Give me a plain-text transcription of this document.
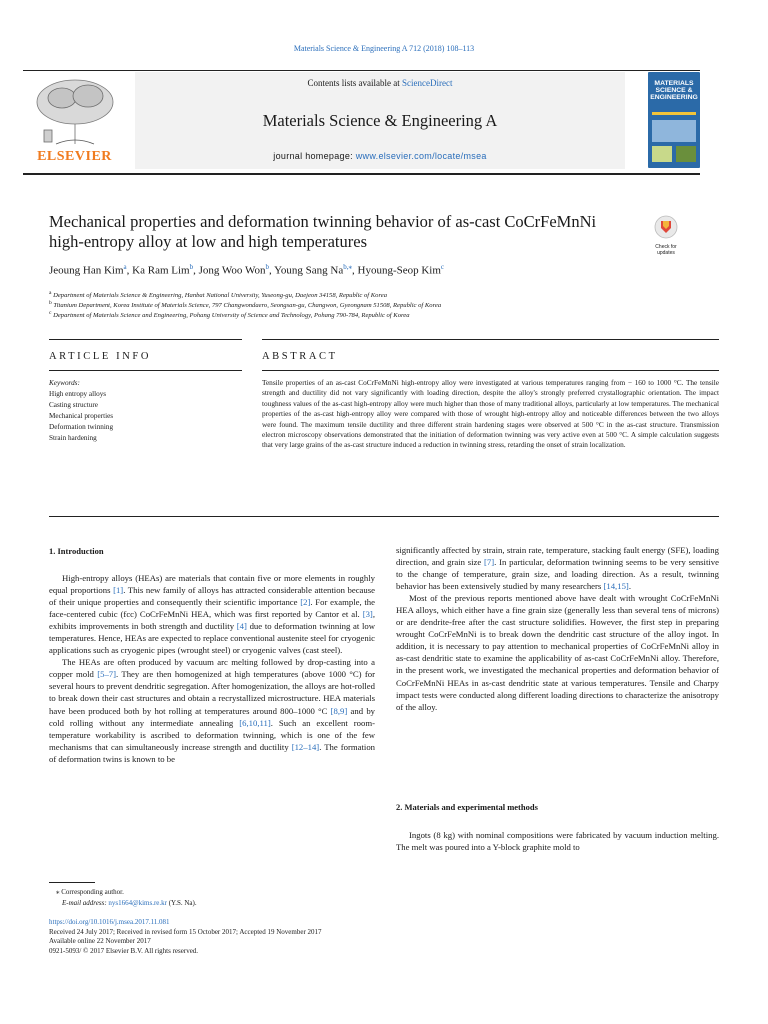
Materials Science & Engineering A 712 (2018) 108–113
ELSEVIER
Contents lists available at ScienceDirect
Materials Science & Engineering A
journal homepage: www.elsevier.com/locate/msea
MATERIALS SCIENCE & ENGINEERING
Mechanical properties and deformation twinning behavior of as-cast CoCrFeMnNi high-entropy alloy at low and high temperatures	Check for updates
Jeoung Han Kim$^a$, Ka Ram Lim$^b$, Jong Woo Won$^b$, Young Sang $Na^{b,⁎}$, Hyoung-Seop Kim$^c$
$^a$ Department of Materials Science & Engineering, Hanbat National University, Yuseong-gu, Daejeon 34158, Republic of Korea
$^b$ Titanium Department, Korea Institute of Materials Science, 797 Changwondaero, Seongsan-gu, Changwon, Gyeongnam 51508, Republic of Korea
$^c$ Department of Materials Science and Engineering, Pohang University of Science and Technology, Pohang 790-784, Republic of Korea
ARTICLE INFO	ABSTRACT
Keywords:
High entropy alloys
Casting structure
Mechanical properties
Deformation twinning
Strain hardening
Tensile properties of an as-cast CoCrFeMnNi high-entropy alloy were investigated at various temperatures ranging from − 160 to 1000 °C. The tensile strength and ductility did not vary significantly with loading direction, despite the alloy's strongly preferred crystallographic orientation. The impact toughness values of the as-cast high-entropy alloy were much higher than those of many traditional alloys, particularly at low temperatures. The mechanical properties of the as-cast high-entropy alloy were compared with those of wrought high-entropy alloy and noticeable differences between the two alloys were found. The maximum tensile ductility and three different strain hardening stages were observed at 500 °C in the as-cast structure. Transmission electron microscopy observations demonstrated that the initiation of deformation twinning was very active even at 500 °C. A simple calculation suggests that very large grains of the as-cast structure induced a reduction in twinning stress, retarding the onset of strain localization.
1. Introduction

High-entropy alloys (HEAs) are materials that contain five or more elements in roughly equal proportions [1]. This new family of alloys has attracted considerable attention because of their unique properties and consequently their scientific importance [2]. For example, the face-centered cubic (fcc) CoCrFeMnNi HEA, which was first reported by Cantor et al. [3], exhibits improvements in both strength and ductility [4] due to deformation twinning at low temperatures. Hence, HEAs are expected to replace conventional austenite steel for cryogenic applications such as cryogenic pipes (wrought steel) or cryogenic valves (cast steel).

The HEAs are often produced by vacuum arc melting followed by drop-casting into a copper mold [5–7]. They are then homogenized at high temperatures (above 1000 °C) for several hours to prevent dendritic segregation. After homogenization, the alloys are hot-rolled to break down their cast structures and obtain a recrystallized microstructure. HEA materials have been produced both by hot rolling at temperatures around 800–1000 °C [8,9] and by cold rolling without any intermediate annealing [6,10,11]. Such an excellent room-temperature workability is ascribed to deformation twinning, which is one of the few mechanisms that can simultaneously increase strength and ductility [12–14]. The formation of deformation twins is known to be

significantly affected by strain, strain rate, temperature, stacking fault energy (SFE), loading direction, and grain size [7]. In particular, deformation twinning seems to be very sensitive to the change of temperature, grain size, and loading direction. As a result, twinning behavior has been extensively studied by many researchers [14,15].

Most of the previous reports mentioned above have dealt with wrought CoCrFeMnNi HEA alloys, which either have a fine grain size (generally less than several tens of microns) or are dendrite-free after the cast structure solidifies. However, the first step in preparing wrought CoCrFeMnNi is to break down the dendritic cast structure of the alloy ingot. In addition, it is necessary to pay attention to mechanical properties of CoCrFeMnNi alloy in as-cast dendritic state to examine the applicability of as-cast CoCrFeMnNi alloy. Therefore, in the present work, we investigated the mechanical properties and deformation behavior of CoCrFeMnNi HEAs in as-cast dendritic state at various temperatures. Tensile and Charpy impact tests were conducted along different loading directions to characterize the anisotropy of the alloy.

2. Materials and experimental methods

Ingots (8 kg) with nominal compositions were fabricated by vacuum induction melting. The melt was poured into a Y-block graphite mold to

⁎ Corresponding author.
E-mail address: nys1664@kims.re.kr (Y.S. Na).
https://doi.org/10.1016/j.msea.2017.11.081
Received 24 July 2017; Received in revised form 15 October 2017; Accepted 19 November 2017
Available online 22 November 2017
0921-5093/ © 2017 Elsevier B.V. All rights reserved.
